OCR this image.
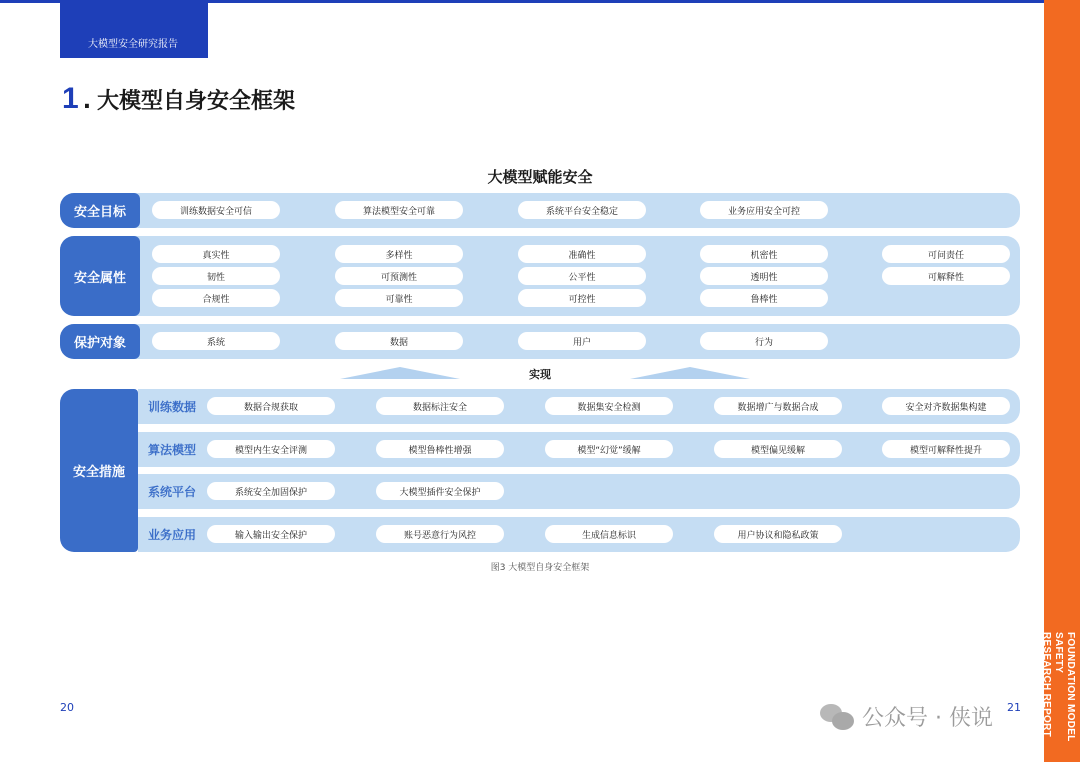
大模型安全研究报告
1 . 大模型自身安全框架
FOUNDATION MODEL SAFETY
RESEARCH REPORT
大模型赋能安全
安全目标	训练数据安全可信	算法模型安全可靠	系统平台安全稳定	业务应用安全可控
安全属性
真实性	多样性	准确性	机密性	可问责任
韧性	可预测性	公平性	透明性	可解释性
合规性	可靠性	可控性	鲁棒性
保护对象	系统	数据	用户	行为
实现
安全措施
训练数据	数据合规获取	数据标注安全	数据集安全检测	数据增广与数据合成	安全对齐数据集构建
算法模型	模型内生安全评测	模型鲁棒性增强	模型“幻觉”缓解	模型偏见缓解	模型可解释性提升
系统平台	系统安全加固保护	大模型插件安全保护
业务应用	输入输出安全保护	账号恶意行为风控	生成信息标识	用户协议和隐私政策
图3 大模型自身安全框架
20	公众号 · 侠说 21
